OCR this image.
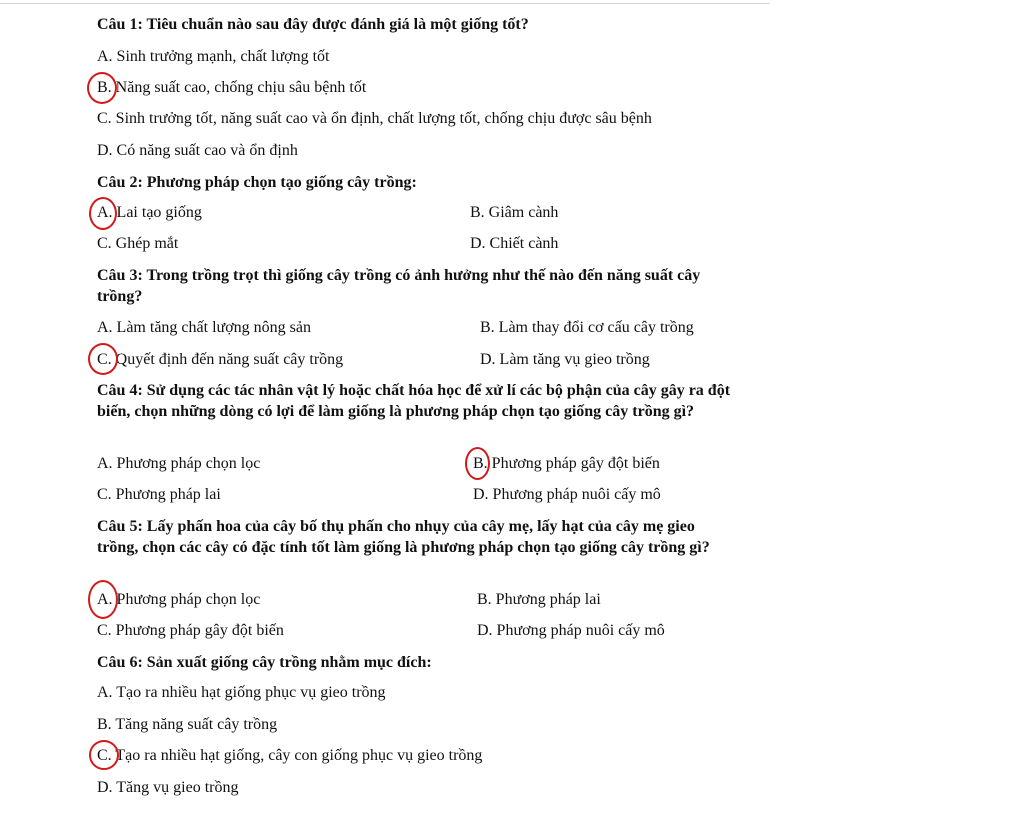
Câu 1: Tiêu chuẩn nào sau đây được đánh giá là một giống tốt?
A. Sinh trưởng mạnh, chất lượng tốt
B. Năng suất cao, chống chịu sâu bệnh tốt
C. Sinh trưởng tốt, năng suất cao và ổn định, chất lượng tốt, chống chịu được sâu bệnh
D. Có năng suất cao và ổn định
Câu 2: Phương pháp chọn tạo giống cây trồng:
A. Lai tạo giống	B. Giâm cành
C. Ghép mắt	D. Chiết cành
Câu 3: Trong trồng trọt thì giống cây trồng có ảnh hưởng như thế nào đến năng suất cây trồng?
A. Làm tăng chất lượng nông sản	B. Làm thay đổi cơ cấu cây trồng
C. Quyết định đến năng suất cây trồng	D. Làm tăng vụ gieo trồng
Câu 4: Sử dụng các tác nhân vật lý hoặc chất hóa học để xử lí các bộ phận của cây gây ra đột biến, chọn những dòng có lợi để làm giống là phương pháp chọn tạo giống cây trồng gì?
A. Phương pháp chọn lọc	B. Phương pháp gây đột biến
C. Phương pháp lai	D. Phương pháp nuôi cấy mô
Câu 5: Lấy phấn hoa của cây bố thụ phấn cho nhụy của cây mẹ, lấy hạt của cây mẹ gieo trồng, chọn các cây có đặc tính tốt làm giống là phương pháp chọn tạo giống cây trồng gì?
A. Phương pháp chọn lọc	B. Phương pháp lai
C. Phương pháp gây đột biến	D. Phương pháp nuôi cấy mô
Câu 6: Sản xuất giống cây trồng nhằm mục đích:
A. Tạo ra nhiều hạt giống phục vụ gieo trồng
B. Tăng năng suất cây trồng
C. Tạo ra nhiều hạt giống, cây con giống phục vụ gieo trồng
D. Tăng vụ gieo trồng
